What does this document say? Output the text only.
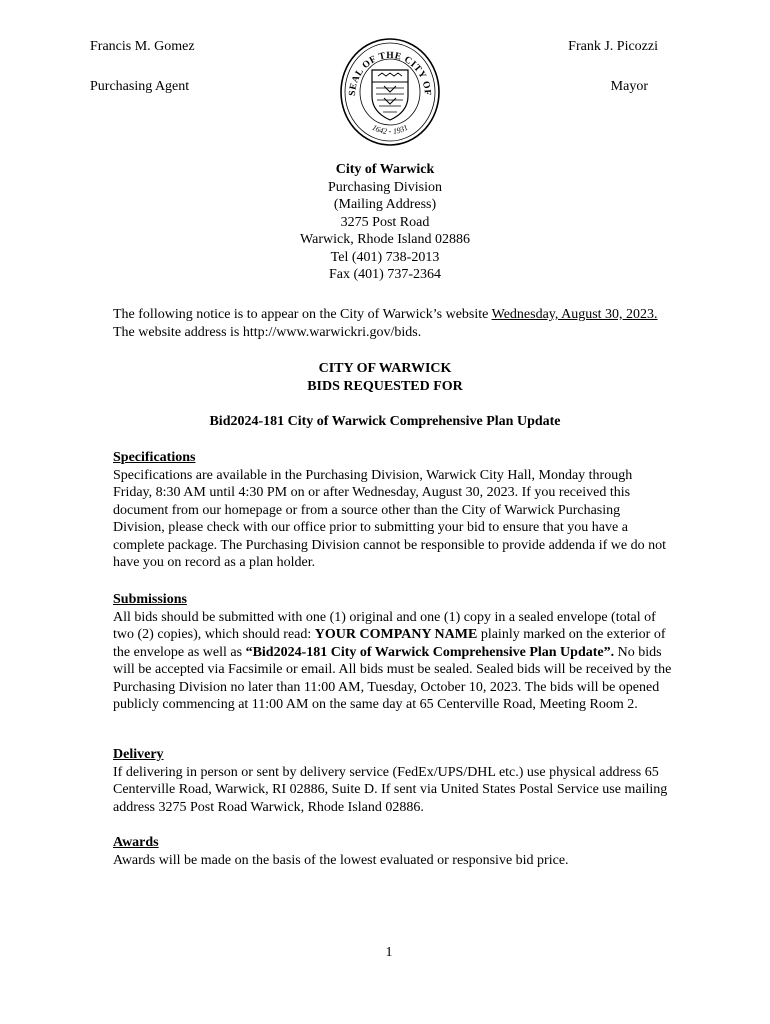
Francis M. Gomez
Purchasing Agent
Frank J. Picozzi
Mayor
SEAL OF THE CITY OF
1642 - 1931
City of Warwick
Purchasing Division
(Mailing Address)
3275 Post Road
Warwick, Rhode Island 02886
Tel (401) 738-2013
Fax (401) 737-2364

The following notice is to appear on the City of Warwick’s website Wednesday, August 30, 2023. The website address is http://www.warwickri.gov/bids.

CITY OF WARWICK
BIDS REQUESTED FOR
Bid2024-181 City of Warwick Comprehensive Plan Update
Specifications

Specifications are available in the Purchasing Division, Warwick City Hall, Monday through Friday, 8:30 AM until 4:30 PM on or after Wednesday, August 30, 2023. If you received this document from our homepage or from a source other than the City of Warwick Purchasing Division, please check with our office prior to submitting your bid to ensure that you have a complete package. The Purchasing Division cannot be responsible to provide addenda if we do not have you on record as a plan holder.

Submissions

All bids should be submitted with one (1) original and one (1) copy in a sealed envelope (total of two (2) copies), which should read: YOUR COMPANY NAME plainly marked on the exterior of the envelope as well as “Bid2024-181 City of Warwick Comprehensive Plan Update”. No bids will be accepted via Facsimile or email. All bids must be sealed. Sealed bids will be received by the Purchasing Division no later than 11:00 AM, Tuesday, October 10, 2023. The bids will be opened publicly commencing at 11:00 AM on the same day at 65 Centerville Road, Meeting Room 2.

Delivery

If delivering in person or sent by delivery service (FedEx/UPS/DHL etc.) use physical address 65 Centerville Road, Warwick, RI 02886, Suite D. If sent via United States Postal Service use mailing address 3275 Post Road Warwick, Rhode Island 02886.

Awards

Awards will be made on the basis of the lowest evaluated or responsive bid price.

1
